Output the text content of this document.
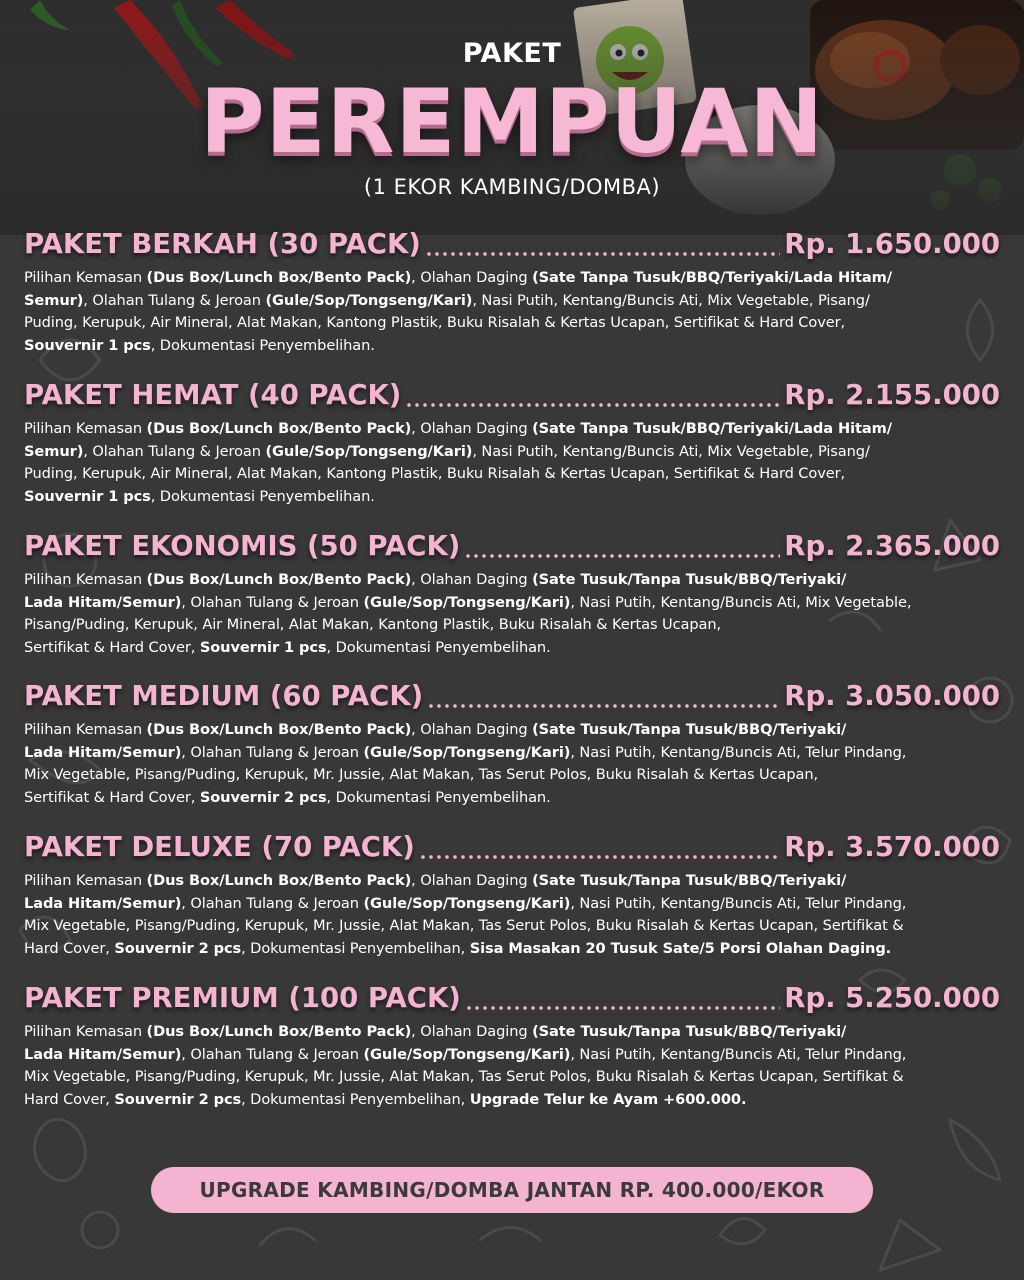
PAKET
PEREMPUAN
(1 EKOR KAMBING/DOMBA)
PAKET BERKAH (30 PACK)	Rp. 1.650.000
Pilihan Kemasan (Dus Box/Lunch Box/Bento Pack), Olahan Daging (Sate Tanpa Tusuk/BBQ/Teriyaki/Lada Hitam/
Semur), Olahan Tulang & Jeroan (Gule/Sop/Tongseng/Kari), Nasi Putih, Kentang/Buncis Ati, Mix Vegetable, Pisang/
Puding, Kerupuk, Air Mineral, Alat Makan, Kantong Plastik, Buku Risalah & Kertas Ucapan, Sertifikat & Hard Cover,
Souvernir 1 pcs, Dokumentasi Penyembelihan.
PAKET HEMAT (40 PACK)	Rp. 2.155.000
Pilihan Kemasan (Dus Box/Lunch Box/Bento Pack), Olahan Daging (Sate Tanpa Tusuk/BBQ/Teriyaki/Lada Hitam/
Semur), Olahan Tulang & Jeroan (Gule/Sop/Tongseng/Kari), Nasi Putih, Kentang/Buncis Ati, Mix Vegetable, Pisang/
Puding, Kerupuk, Air Mineral, Alat Makan, Kantong Plastik, Buku Risalah & Kertas Ucapan, Sertifikat & Hard Cover,
Souvernir 1 pcs, Dokumentasi Penyembelihan.
PAKET EKONOMIS (50 PACK)	Rp. 2.365.000
Pilihan Kemasan (Dus Box/Lunch Box/Bento Pack), Olahan Daging (Sate Tusuk/Tanpa Tusuk/BBQ/Teriyaki/
Lada Hitam/Semur), Olahan Tulang & Jeroan (Gule/Sop/Tongseng/Kari), Nasi Putih, Kentang/Buncis Ati, Mix Vegetable,
Pisang/Puding, Kerupuk, Air Mineral, Alat Makan, Kantong Plastik, Buku Risalah & Kertas Ucapan,
Sertifikat & Hard Cover, Souvernir 1 pcs, Dokumentasi Penyembelihan.
PAKET MEDIUM (60 PACK)	Rp. 3.050.000
Pilihan Kemasan (Dus Box/Lunch Box/Bento Pack), Olahan Daging (Sate Tusuk/Tanpa Tusuk/BBQ/Teriyaki/
Lada Hitam/Semur), Olahan Tulang & Jeroan (Gule/Sop/Tongseng/Kari), Nasi Putih, Kentang/Buncis Ati, Telur Pindang,
Mix Vegetable, Pisang/Puding, Kerupuk, Mr. Jussie, Alat Makan, Tas Serut Polos, Buku Risalah & Kertas Ucapan,
Sertifikat & Hard Cover, Souvernir 2 pcs, Dokumentasi Penyembelihan.
PAKET DELUXE (70 PACK)	Rp. 3.570.000
Pilihan Kemasan (Dus Box/Lunch Box/Bento Pack), Olahan Daging (Sate Tusuk/Tanpa Tusuk/BBQ/Teriyaki/
Lada Hitam/Semur), Olahan Tulang & Jeroan (Gule/Sop/Tongseng/Kari), Nasi Putih, Kentang/Buncis Ati, Telur Pindang,
Mix Vegetable, Pisang/Puding, Kerupuk, Mr. Jussie, Alat Makan, Tas Serut Polos, Buku Risalah & Kertas Ucapan, Sertifikat &
Hard Cover, Souvernir 2 pcs, Dokumentasi Penyembelihan, Sisa Masakan 20 Tusuk Sate/5 Porsi Olahan Daging.
PAKET PREMIUM (100 PACK)	Rp. 5.250.000
Pilihan Kemasan (Dus Box/Lunch Box/Bento Pack), Olahan Daging (Sate Tusuk/Tanpa Tusuk/BBQ/Teriyaki/
Lada Hitam/Semur), Olahan Tulang & Jeroan (Gule/Sop/Tongseng/Kari), Nasi Putih, Kentang/Buncis Ati, Telur Pindang,
Mix Vegetable, Pisang/Puding, Kerupuk, Mr. Jussie, Alat Makan, Tas Serut Polos, Buku Risalah & Kertas Ucapan, Sertifikat &
Hard Cover, Souvernir 2 pcs, Dokumentasi Penyembelihan, Upgrade Telur ke Ayam +600.000.
UPGRADE KAMBING/DOMBA JANTAN RP. 400.000/EKOR
